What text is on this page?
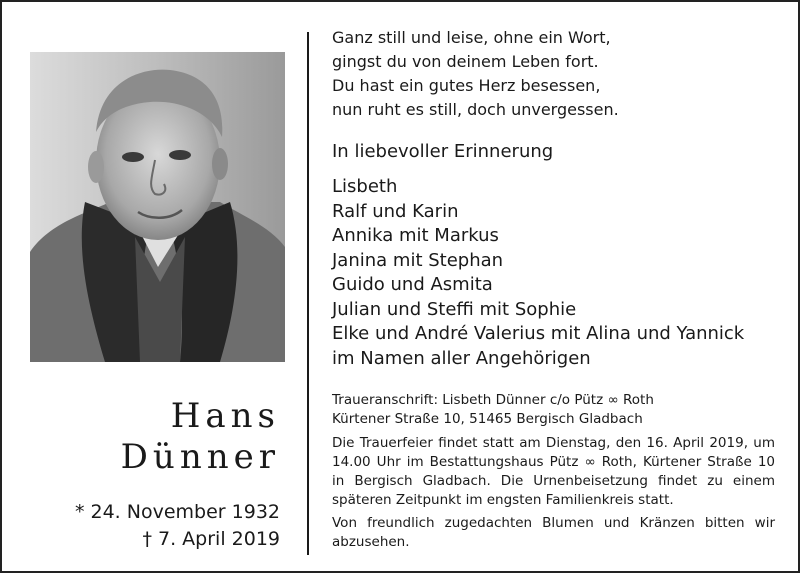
Hans
Dünner
* 24. November 1932
† 7. April 2019
Ganz still und leise, ohne ein Wort,
gingst du von deinem Leben fort.
Du hast ein gutes Herz besessen,
nun ruht es still, doch unvergessen.
In liebevoller Erinnerung
Lisbeth
Ralf und Karin
Annika mit Markus
Janina mit Stephan
Guido und Asmita
Julian und Steffi mit Sophie
Elke und André Valerius mit Alina und Yannick
im Namen aller Angehörigen
Traueranschrift: Lisbeth Dünner c/o Pütz ∞ Roth
Kürtener Straße 10, 51465 Bergisch Gladbach
Die Trauerfeier findet statt am Dienstag, den 16. April 2019, um 14.00 Uhr im Bestattungshaus Pütz ∞ Roth, Kürtener Straße 10 in Bergisch Gladbach. Die Urnenbeisetzung findet zu einem späteren Zeitpunkt im engsten Familienkreis statt.
Von freundlich zugedachten Blumen und Kränzen bitten wir abzusehen.
